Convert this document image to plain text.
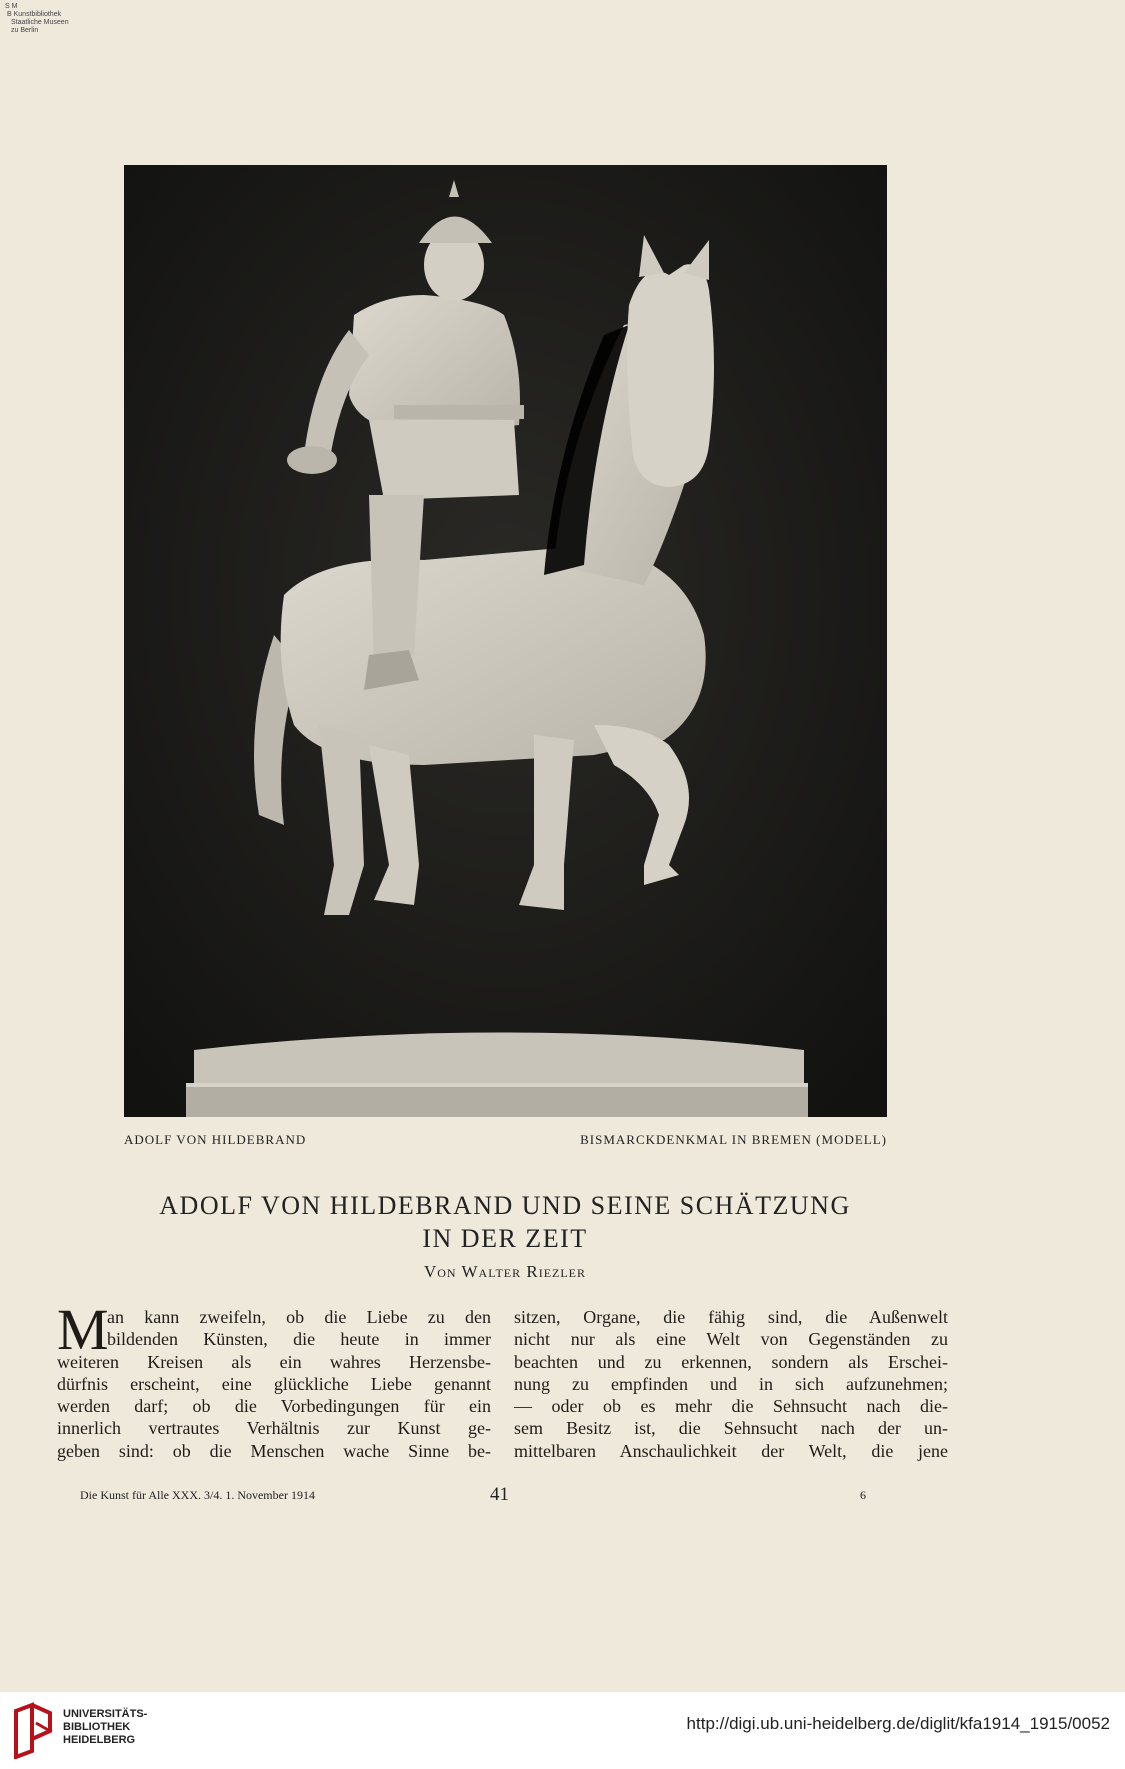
S M
B Kunstbibliothek
Staatliche Museen
zu Berlin
ADOLF VON HILDEBRAND	BISMARCKDENKMAL IN BREMEN (MODELL)
ADOLF VON HILDEBRAND UND SEINE SCHÄTZUNG
IN DER ZEIT
Von Walter Riezler
M
an kann zweifeln, ob die Liebe zu den
bildenden Künsten, die heute in immer
weiteren Kreisen als ein wahres Herzensbe-
dürfnis erscheint, eine glückliche Liebe genannt
werden darf; ob die Vorbedingungen für ein
innerlich vertrautes Verhältnis zur Kunst ge-
geben sind: ob die Menschen wache Sinne be-
sitzen, Organe, die fähig sind, die Außenwelt
nicht nur als eine Welt von Gegenständen zu
beachten und zu erkennen, sondern als Erschei-
nung zu empfinden und in sich aufzunehmen;
— oder ob es mehr die Sehnsucht nach die-
sem Besitz ist, die Sehnsucht nach der un-
mittelbaren Anschaulichkeit der Welt, die jene
Die Kunst für Alle XXX. 3/4. 1. November 1914	41	6
UNIVERSITÄTS-
BIBLIOTHEK
HEIDELBERG
http://digi.ub.uni-heidelberg.de/diglit/kfa1914_1915/0052
